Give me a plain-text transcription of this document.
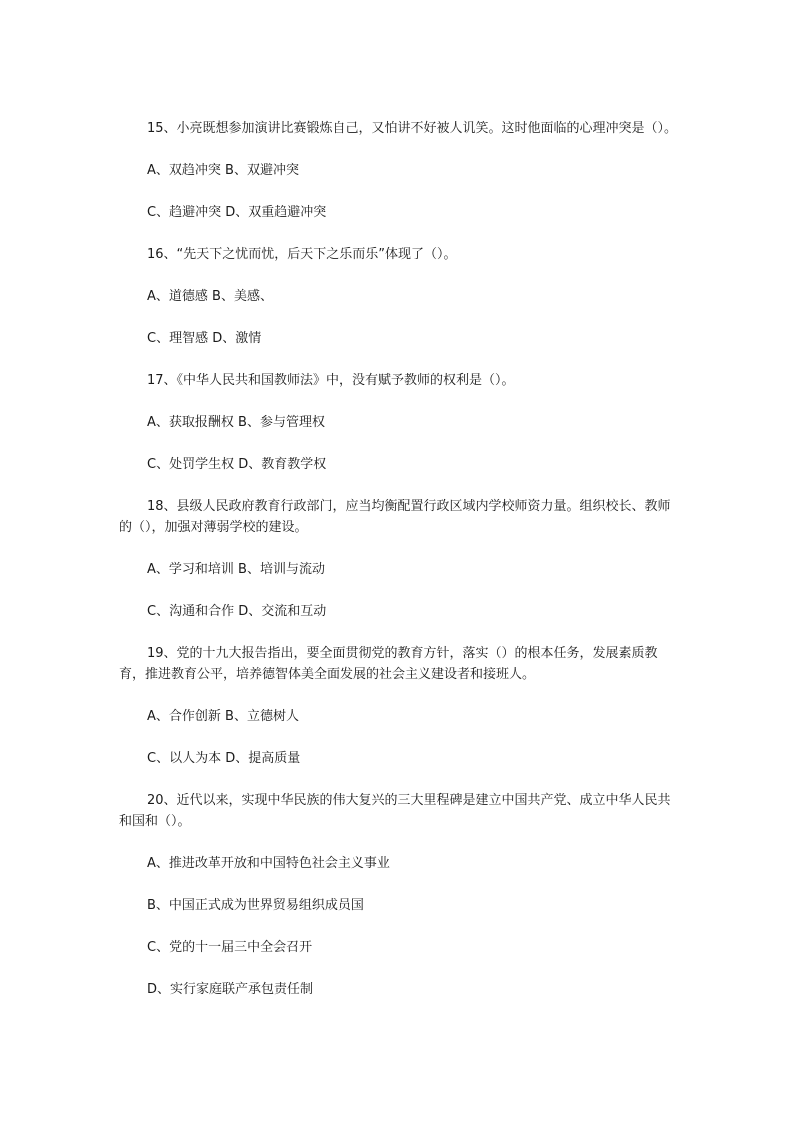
15、小亮既想参加演讲比赛锻炼自己，又怕讲不好被人讥笑。这时他面临的心理冲突是（）。

A、双趋冲突 B、双避冲突

C、趋避冲突 D、双重趋避冲突

16、“先天下之忧而忧，后天下之乐而乐”体现了（）。

A、道德感 B、美感、

C、理智感 D、激情

17、《中华人民共和国教师法》中，没有赋予教师的权利是（）。

A、获取报酬权 B、参与管理权

C、处罚学生权 D、教育教学权

18、县级人民政府教育行政部门，应当均衡配置行政区域内学校师资力量。组织校长、教师的（），加强对薄弱学校的建设。

A、学习和培训 B、培训与流动

C、沟通和合作 D、交流和互动

19、党的十九大报告指出，要全面贯彻党的教育方针，落实（）的根本任务，发展素质教育，推进教育公平，培养德智体美全面发展的社会主义建设者和接班人。

A、合作创新 B、立德树人

C、以人为本 D、提高质量

20、近代以来，实现中华民族的伟大复兴的三大里程碑是建立中国共产党、成立中华人民共和国和（）。

A、推进改革开放和中国特色社会主义事业

B、中国正式成为世界贸易组织成员国

C、党的十一届三中全会召开

D、实行家庭联产承包责任制
